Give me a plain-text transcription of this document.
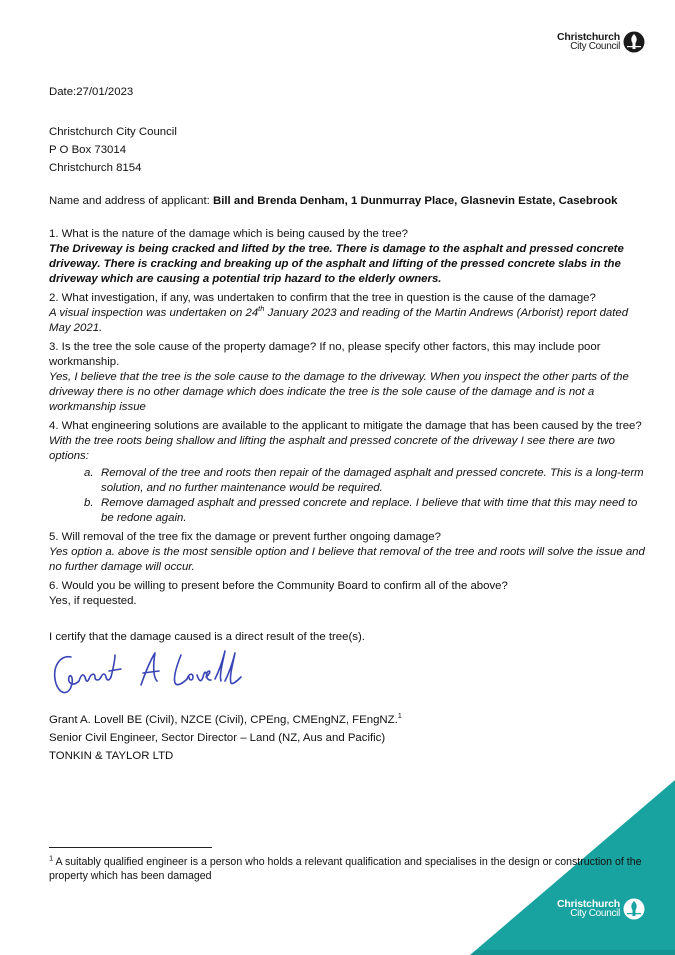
Christchurch
City Council

Date:27/01/2023

Christchurch City Council
P O Box 73014
Christchurch 8154

Name and address of applicant: Bill and Brenda Denham, 1 Dunmurray Place, Glasnevin Estate, Casebrook

1. What is the nature of the damage which is being caused by the tree?

The Driveway is being cracked and lifted by the tree. There is damage to the asphalt and pressed concrete driveway. There is cracking and breaking up of the asphalt and lifting of the pressed concrete slabs in the driveway which are causing a potential trip hazard to the elderly owners.

2. What investigation, if any, was undertaken to confirm that the tree in question is the cause of the damage?

A visual inspection was undertaken on 24th January 2023 and reading of the Martin Andrews (Arborist) report dated May 2021.

3. Is the tree the sole cause of the property damage? If no, please specify other factors, this may include poor workmanship.

Yes, I believe that the tree is the sole cause to the damage to the driveway. When you inspect the other parts of the driveway there is no other damage which does indicate the tree is the sole cause of the damage and is not a workmanship issue

4. What engineering solutions are available to the applicant to mitigate the damage that has been caused by the tree?

With the tree roots being shallow and lifting the asphalt and pressed concrete of the driveway I see there are two options:

a. Removal of the tree and roots then repair of the damaged asphalt and pressed concrete. This is a long-term solution, and no further maintenance would be required.
b. Remove damaged asphalt and pressed concrete and replace. I believe that with time that this may need to be redone again.

5. Will removal of the tree fix the damage or prevent further ongoing damage?

Yes option a. above is the most sensible option and I believe that removal of the tree and roots will solve the issue and no further damage will occur.

6. Would you be willing to present before the Community Board to confirm all of the above?

Yes, if requested.

I certify that the damage caused is a direct result of the tree(s).

Grant A. Lovell BE (Civil), NZCE (Civil), CPEng, CMEngNZ, FEngNZ.$^1$
Senior Civil Engineer, Sector Director – Land (NZ, Aus and Pacific)
TONKIN & TAYLOR LTD

$^1$ A suitably qualified engineer is a person who holds a relevant qualification and specialises in the design or construction of the property which has been damaged

Christchurch
City Council
